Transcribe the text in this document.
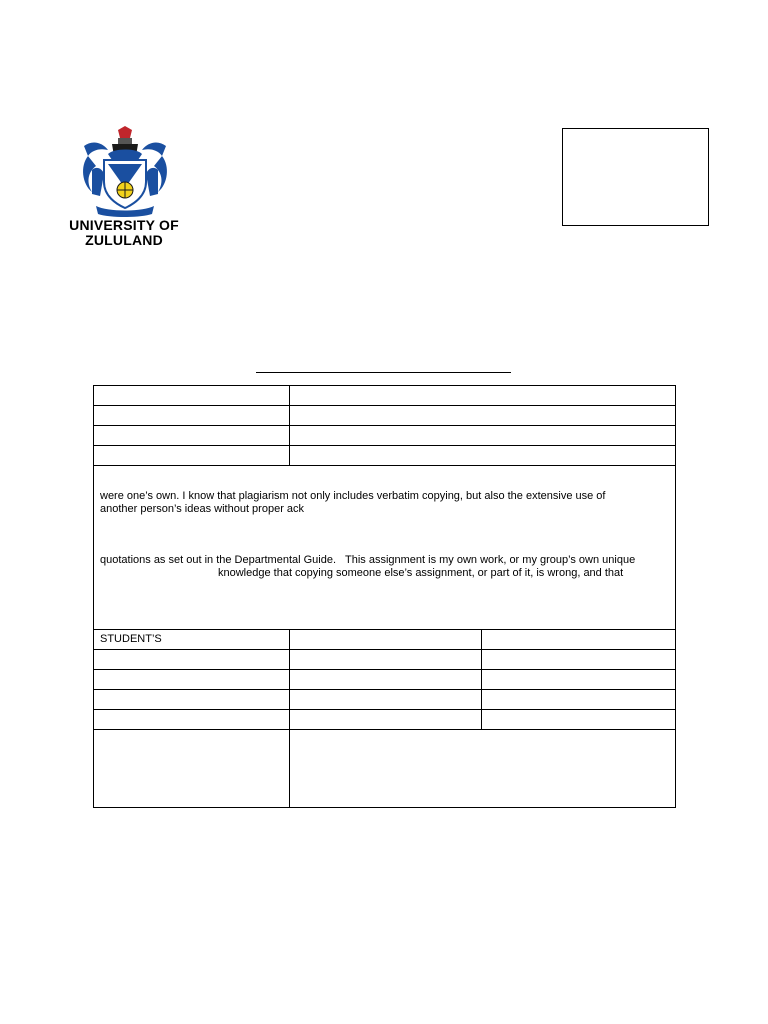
UNIVERSITY OF
ZULULAND

were one’s own. I know that plagiarism not only includes verbatim copying, but also the extensive use of

another person’s ideas without proper ack

quotations as set out in the Departmental Guide.   This assignment is my own work, or my group’s own unique

knowledge that copying someone else’s assignment, or part of it, is wrong, and that		

STUDENT’S		
